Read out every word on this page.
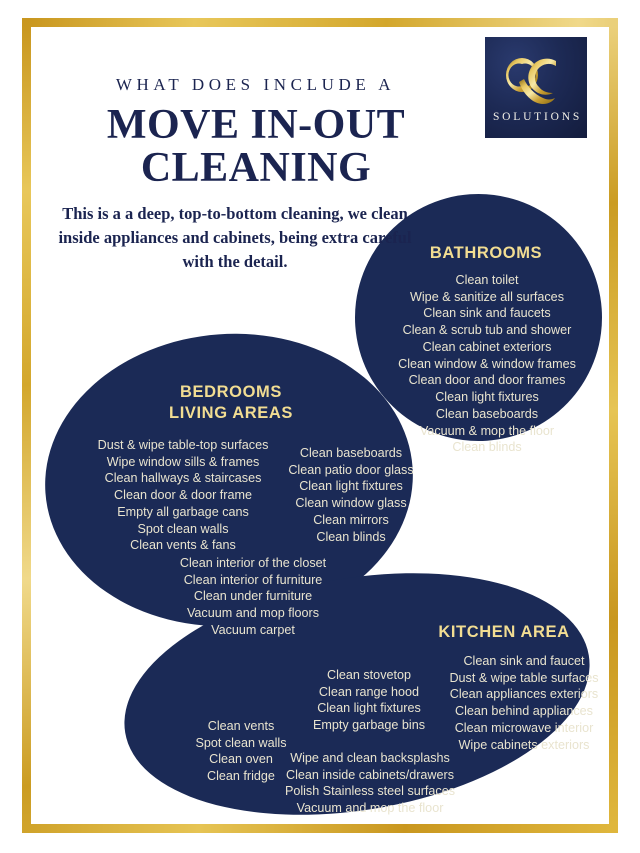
SOLUTIONS
WHAT DOES INCLUDE A
MOVE IN-OUT
CLEANING
This is a a deep, top-to-bottom cleaning, we clean inside appliances and cabinets, being extra careful with the detail.	BATHROOMS
Clean toilet
Wipe & sanitize all surfaces
Clean sink and faucets
Clean & scrub tub and shower
Clean cabinet exteriors
Clean window & window frames
Clean door and door frames
Clean light fixtures
Clean baseboards
Vacuum & mop the floor
Clean blinds
BEDROOMS
LIVING AREAS
Dust & wipe table-top surfaces
Wipe window sills & frames
Clean hallways & staircases
Clean door & door frame
Empty all garbage cans
Spot clean walls
Clean vents & fans
Clean baseboards
Clean patio door glass
Clean light fixtures
Clean window glass
Clean mirrors
Clean blinds
Clean interior of the closet
Clean interior of furniture
Clean under furniture
Vacuum and mop floors
Vacuum carpet	KITCHEN AREA
Clean stovetop
Clean range hood
Clean light fixtures
Empty garbage bins
Clean sink and faucet
Dust & wipe table surfaces
Clean appliances exteriors
Clean behind appliances
Clean microwave interior
Wipe cabinets exteriors
Clean vents
Spot clean walls
Clean oven
Clean fridge
Wipe and clean backsplashs
Clean inside cabinets/drawers
Polish Stainless steel surfaces
Vacuum and mop the floor
